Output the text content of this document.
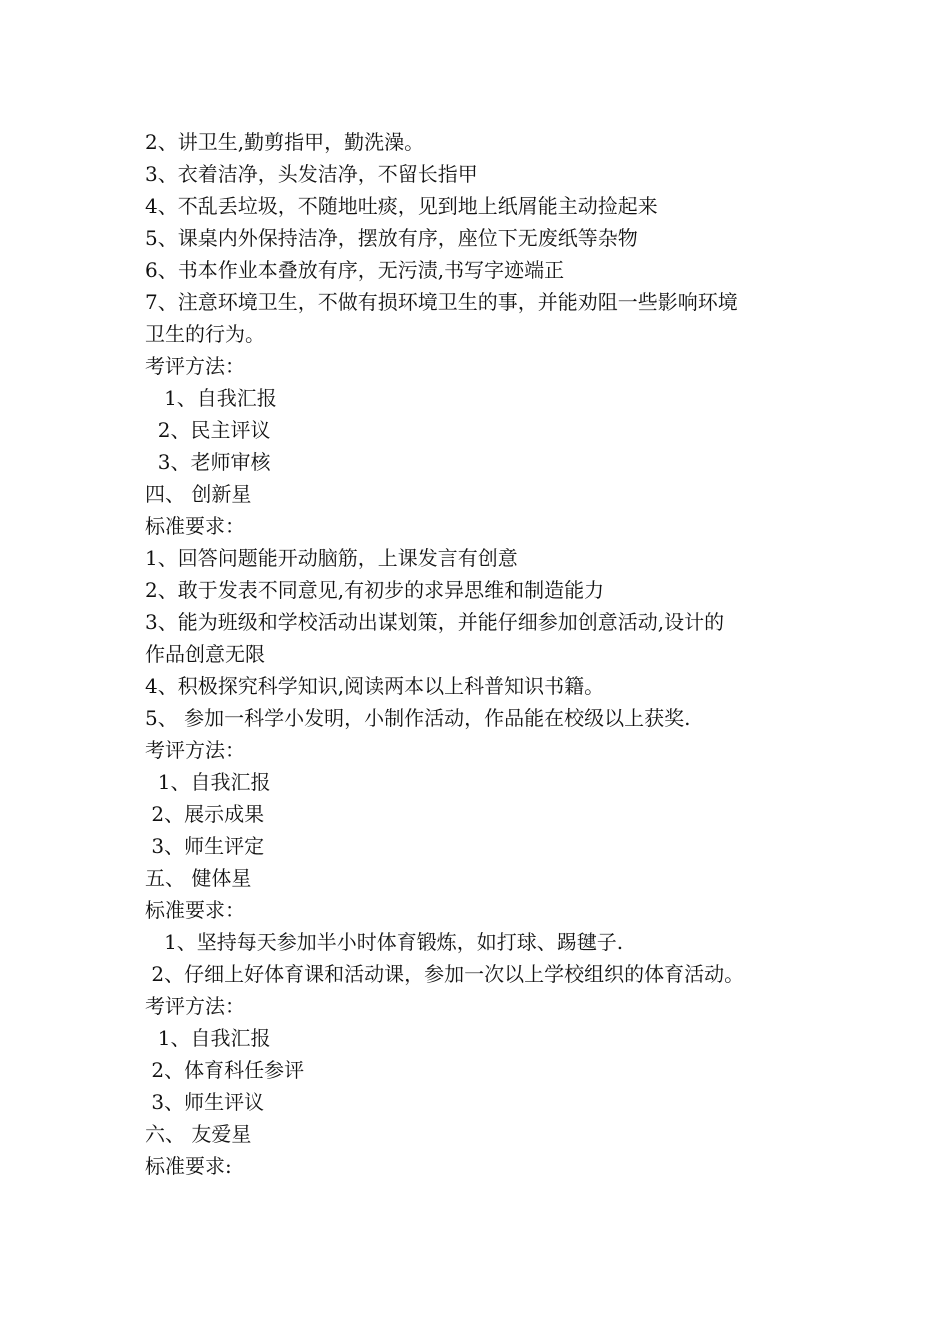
2、讲卫生,勤剪指甲，勤洗澡。

3、衣着洁净，头发洁净，不留长指甲

4、不乱丢垃圾，不随地吐痰，见到地上纸屑能主动捡起来

5、课桌内外保持洁净，摆放有序，座位下无废纸等杂物

6、书本作业本叠放有序，无污渍,书写字迹端正

7、注意环境卫生，不做有损环境卫生的事，并能劝阻一些影响环境

卫生的行为。

考评方法：

1、自我汇报

2、民主评议

3、老师审核

四、 创新星

标准要求：

1、回答问题能开动脑筋，上课发言有创意

2、敢于发表不同意见,有初步的求异思维和制造能力

3、能为班级和学校活动出谋划策，并能仔细参加创意活动,设计的

作品创意无限

4、积极探究科学知识,阅读两本以上科普知识书籍。

5、 参加一科学小发明，小制作活动，作品能在校级以上获奖.

考评方法：

1、自我汇报

2、展示成果

3、师生评定

五、 健体星

标准要求：

1、坚持每天参加半小时体育锻炼，如打球、踢毽子.

2、仔细上好体育课和活动课，参加一次以上学校组织的体育活动。

考评方法：

1、自我汇报

2、体育科任参评

3、师生评议

六、 友爱星

标准要求:
